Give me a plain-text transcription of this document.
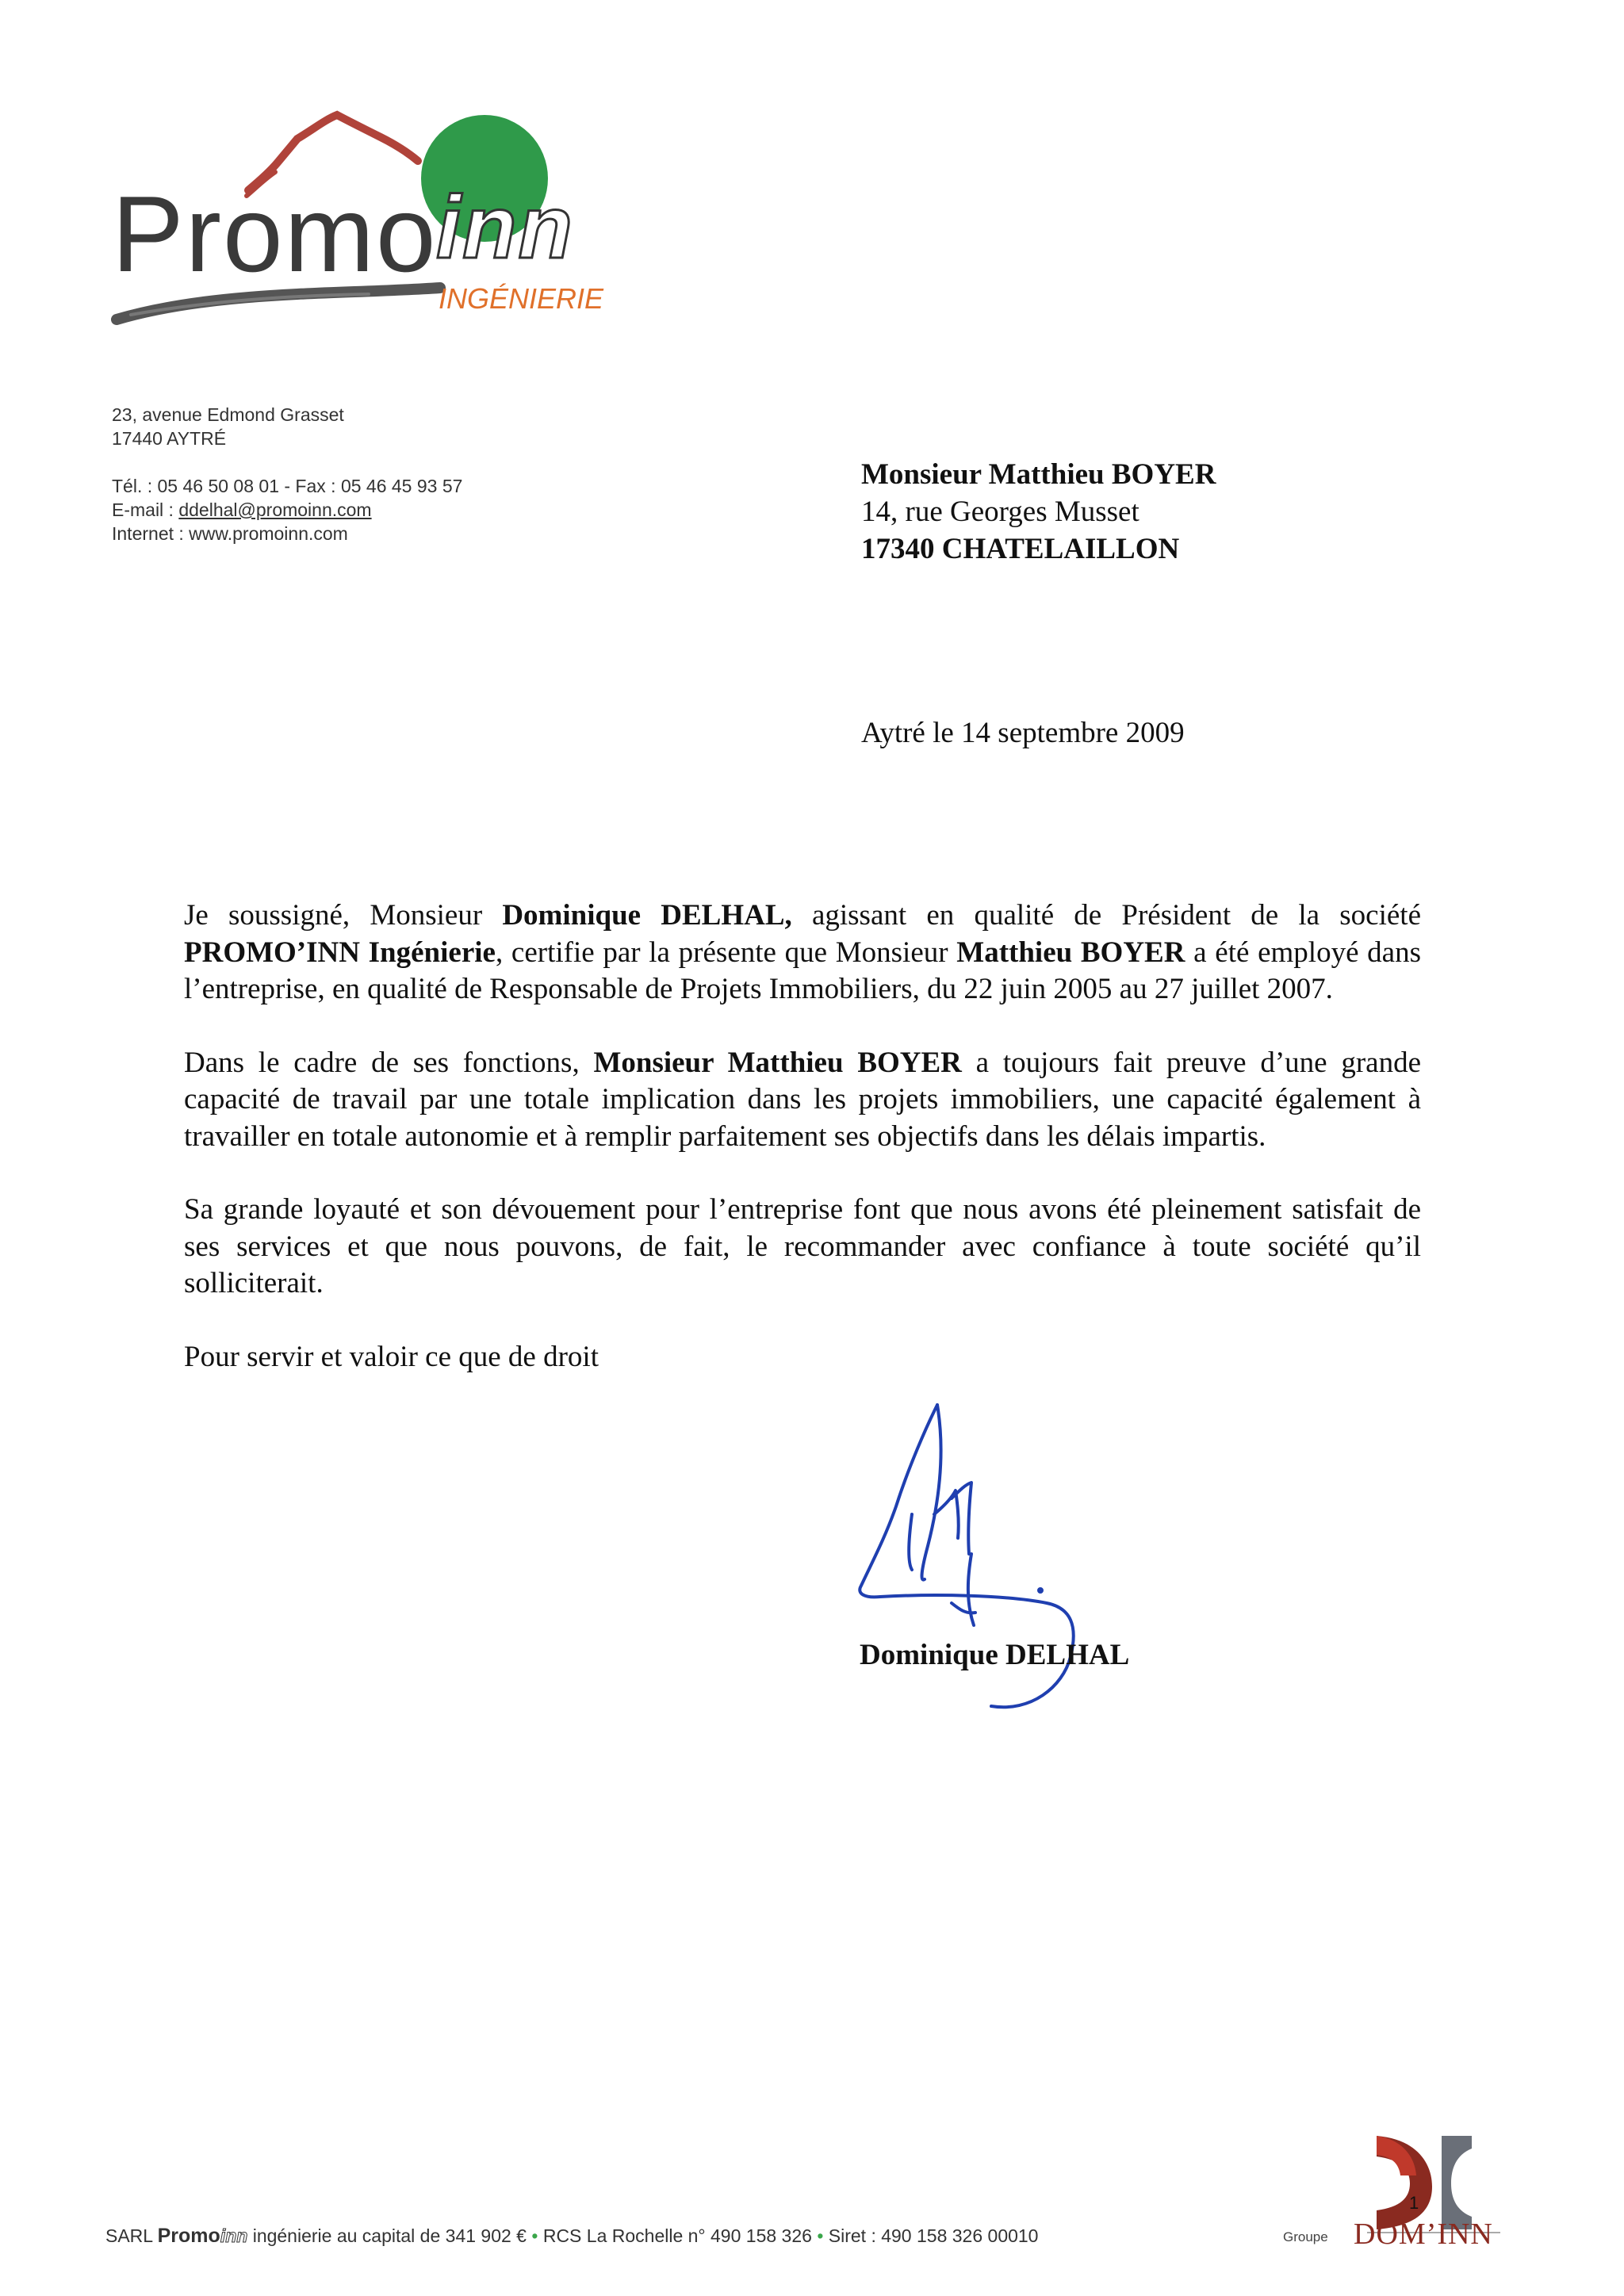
Promo
inn
INGÉNIERIE
23, avenue Edmond Grasset
17440 AYTRÉ
Tél. : 05 46 50 08 01 - Fax : 05 46 45 93 57
E-mail : ddelhal@promoinn.com
Internet : www.promoinn.com
Monsieur Matthieu BOYER
14, rue Georges Musset
17340 CHATELAILLON
Aytré le 14 septembre 2009

Je soussigné, Monsieur Dominique DELHAL, agissant en qualité de Président de la société PROMO’INN Ingénierie, certifie par la présente que Monsieur Matthieu BOYER a été employé dans l’entreprise, en qualité de Responsable de Projets Immobiliers, du 22 juin 2005 au 27 juillet 2007.

Dans le cadre de ses fonctions, Monsieur Matthieu BOYER a toujours fait preuve d’une grande capacité de travail par une totale implication dans les projets immobiliers, une capacité également à travailler en totale autonomie et à remplir parfaitement ses objectifs dans les délais impartis.

Sa grande loyauté et son dévouement pour l’entreprise font que nous avons été pleinement satisfait de ses services et que nous pouvons, de fait, le recommander avec confiance à toute société qu’il solliciterait.

Pour servir et valoir ce que de droit

Dominique DELHAL
SARL Promoinn ingénierie au capital de 341 902 € • RCS La Rochelle n° 490 158 326 • Siret : 490 158 326 00010	Groupe
1
DOM’INN
